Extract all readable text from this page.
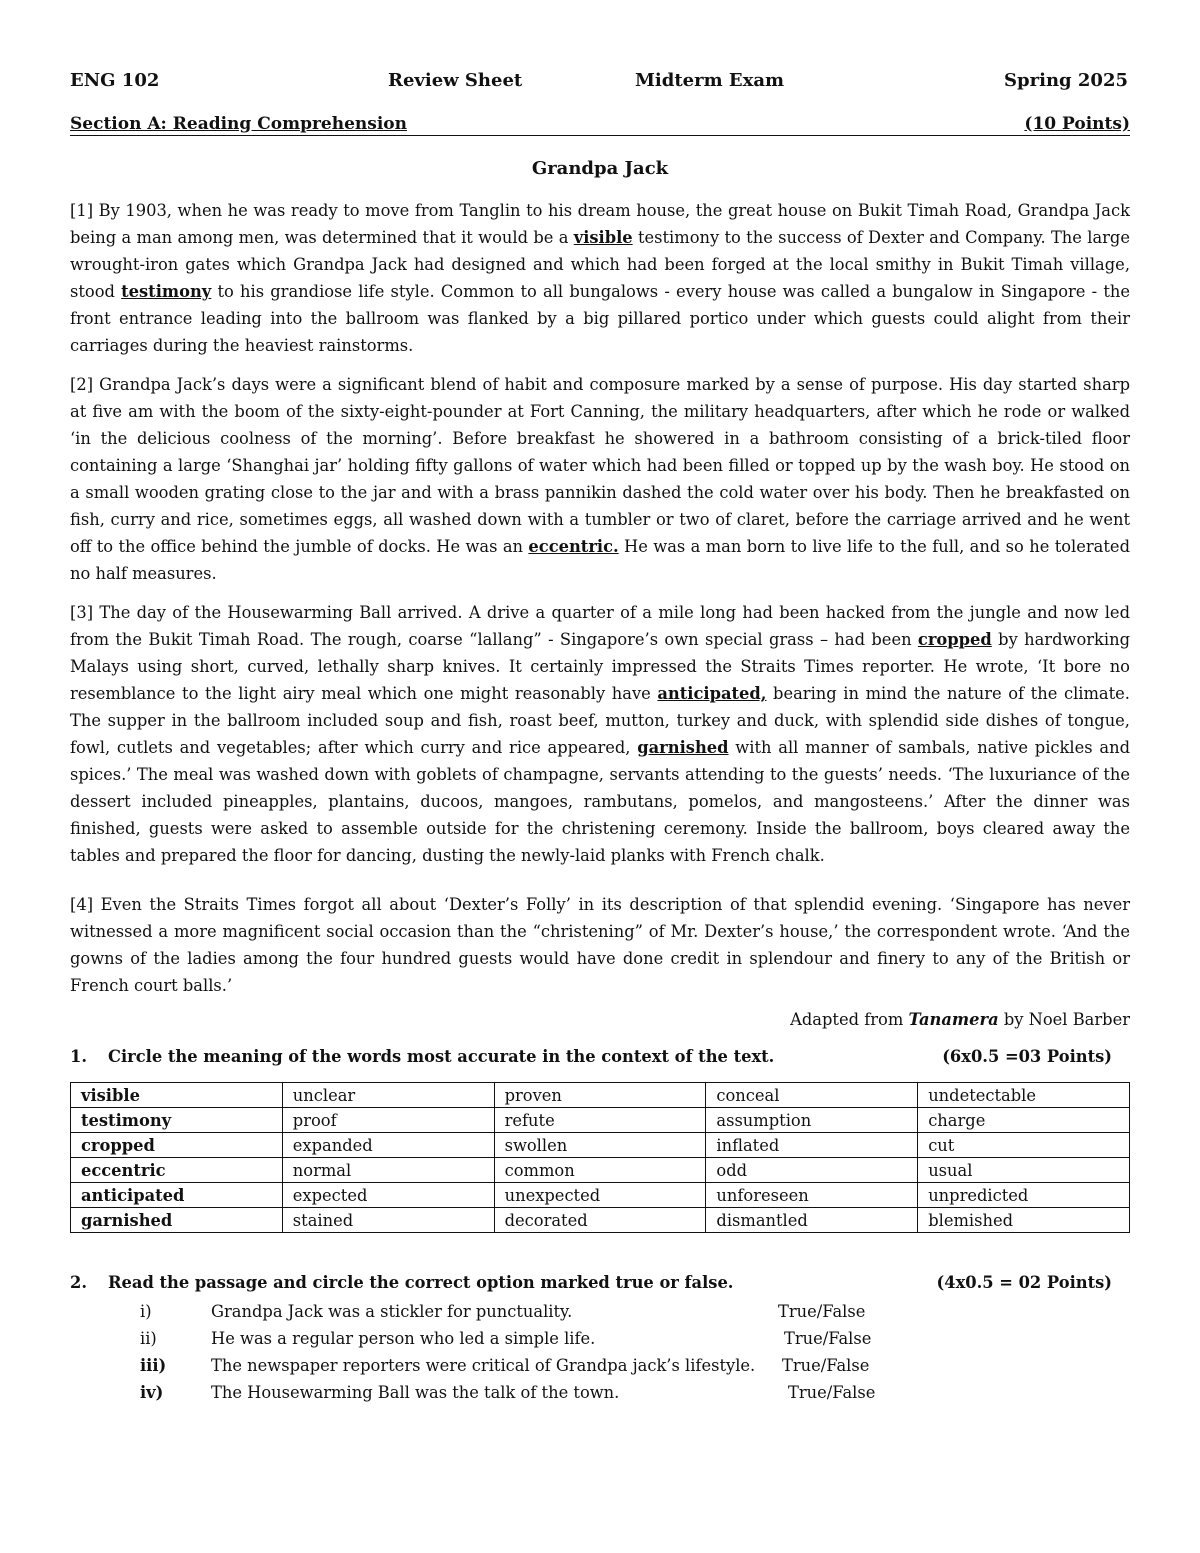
ENG 102	Review Sheet	Midterm Exam	Spring 2025
Section A: Reading Comprehension	(10 Points)
Grandpa Jack

[1] By 1903, when he was ready to move from Tanglin to his dream house, the great house on Bukit Timah Road, Grandpa Jack being a man among men, was determined that it would be a visible testimony to the success of Dexter and Company. The large wrought-iron gates which Grandpa Jack had designed and which had been forged at the local smithy in Bukit Timah village, stood testimony to his grandiose life style. Common to all bungalows - every house was called a bungalow in Singapore - the front entrance leading into the ballroom was flanked by a big pillared portico under which guests could alight from their carriages during the heaviest rainstorms.

[2] Grandpa Jack’s days were a significant blend of habit and composure marked by a sense of purpose. His day started sharp at five am with the boom of the sixty-eight-pounder at Fort Canning, the military headquarters, after which he rode or walked ‘in the delicious coolness of the morning’. Before breakfast he showered in a bathroom consisting of a brick-tiled floor containing a large ‘Shanghai jar’ holding fifty gallons of water which had been filled or topped up by the wash boy. He stood on a small wooden grating close to the jar and with a brass pannikin dashed the cold water over his body. Then he breakfasted on fish, curry and rice, sometimes eggs, all washed down with a tumbler or two of claret, before the carriage arrived and he went off to the office behind the jumble of docks. He was an eccentric. He was a man born to live life to the full, and so he tolerated no half measures.

[3] The day of the Housewarming Ball arrived. A drive a quarter of a mile long had been hacked from the jungle and now led from the Bukit Timah Road. The rough, coarse “lallang” - Singapore’s own special grass – had been cropped by hardworking Malays using short, curved, lethally sharp knives. It certainly impressed the Straits Times reporter. He wrote, ‘It bore no resemblance to the light airy meal which one might reasonably have anticipated, bearing in mind the nature of the climate. The supper in the ballroom included soup and fish, roast beef, mutton, turkey and duck, with splendid side dishes of tongue, fowl, cutlets and vegetables; after which curry and rice appeared, garnished with all manner of sambals, native pickles and spices.’ The meal was washed down with goblets of champagne, servants attending to the guests’ needs. ‘The luxuriance of the dessert included pineapples, plantains, ducoos, mangoes, rambutans, pomelos, and mangosteens.’ After the dinner was finished, guests were asked to assemble outside for the christening ceremony. Inside the ballroom, boys cleared away the tables and prepared the floor for dancing, dusting the newly-laid planks with French chalk.

[4] Even the Straits Times forgot all about ‘Dexter’s Folly’ in its description of that splendid evening. ‘Singapore has never witnessed a more magnificent social occasion than the “christening” of Mr. Dexter’s house,’ the correspondent wrote. ‘And the gowns of the ladies among the four hundred guests would have done credit in splendour and finery to any of the British or French court balls.’

Adapted from Tanamera by Noel Barber
1. Circle the meaning of the words most accurate in the context of the text.	(6x0.5 =03 Points)
visible	unclear	proven	conceal	undetectable
testimony	proof	refute	assumption	charge
cropped	expanded	swollen	inflated	cut
eccentric	normal	common	odd	usual
anticipated	expected	unexpected	unforeseen	unpredicted
garnished	stained	decorated	dismantled	blemished
2. Read the passage and circle the correct option marked true or false.	(4x0.5 = 02 Points)
i)	Grandpa Jack was a stickler for punctuality.	True/False
ii)	He was a regular person who led a simple life.	True/False
iii)	The newspaper reporters were critical of Grandpa jack’s lifestyle. True/False
iv)	The Housewarming Ball was the talk of the town.	True/False
